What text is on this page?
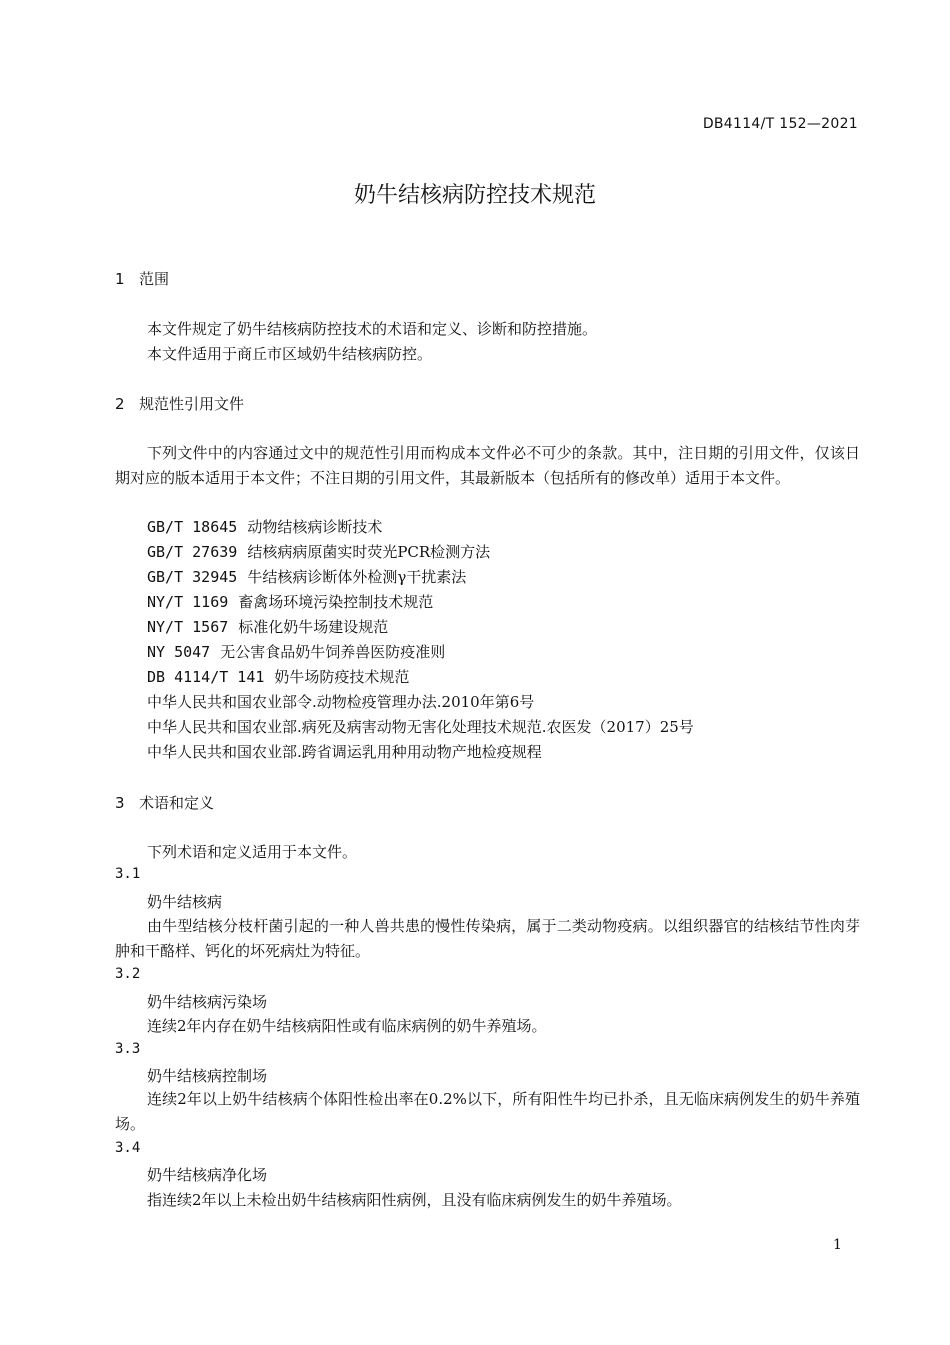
DB4114/T 152—2021
奶牛结核病防控技术规范
1 范围
本文件规定了奶牛结核病防控技术的术语和定义、诊断和防控措施。
本文件适用于商丘市区域奶牛结核病防控。
2 规范性引用文件
下列文件中的内容通过文中的规范性引用而构成本文件必不可少的条款。其中，注日期的引用文件，仅该日期对应的版本适用于本文件；不注日期的引用文件，其最新版本（包括所有的修改单）适用于本文件。
GB/T 18645 动物结核病诊断技术
GB/T 27639 结核病病原菌实时荧光PCR检测方法
GB/T 32945 牛结核病诊断体外检测γ干扰素法
NY/T 1169 畜禽场环境污染控制技术规范
NY/T 1567 标准化奶牛场建设规范
NY 5047 无公害食品奶牛饲养兽医防疫准则
DB 4114/T 141 奶牛场防疫技术规范
中华人民共和国农业部令.动物检疫管理办法.2010年第6号
中华人民共和国农业部.病死及病害动物无害化处理技术规范.农医发（2017）25号
中华人民共和国农业部.跨省调运乳用种用动物产地检疫规程
3 术语和定义
下列术语和定义适用于本文件。
3.1
奶牛结核病
由牛型结核分枝杆菌引起的一种人兽共患的慢性传染病，属于二类动物疫病。以组织器官的结核结节性肉芽肿和干酪样、钙化的坏死病灶为特征。
3.2
奶牛结核病污染场
连续2年内存在奶牛结核病阳性或有临床病例的奶牛养殖场。
3.3
奶牛结核病控制场
连续2年以上奶牛结核病个体阳性检出率在0.2%以下，所有阳性牛均已扑杀，且无临床病例发生的奶牛养殖场。
3.4
奶牛结核病净化场
指连续2年以上未检出奶牛结核病阳性病例，且没有临床病例发生的奶牛养殖场。
1
